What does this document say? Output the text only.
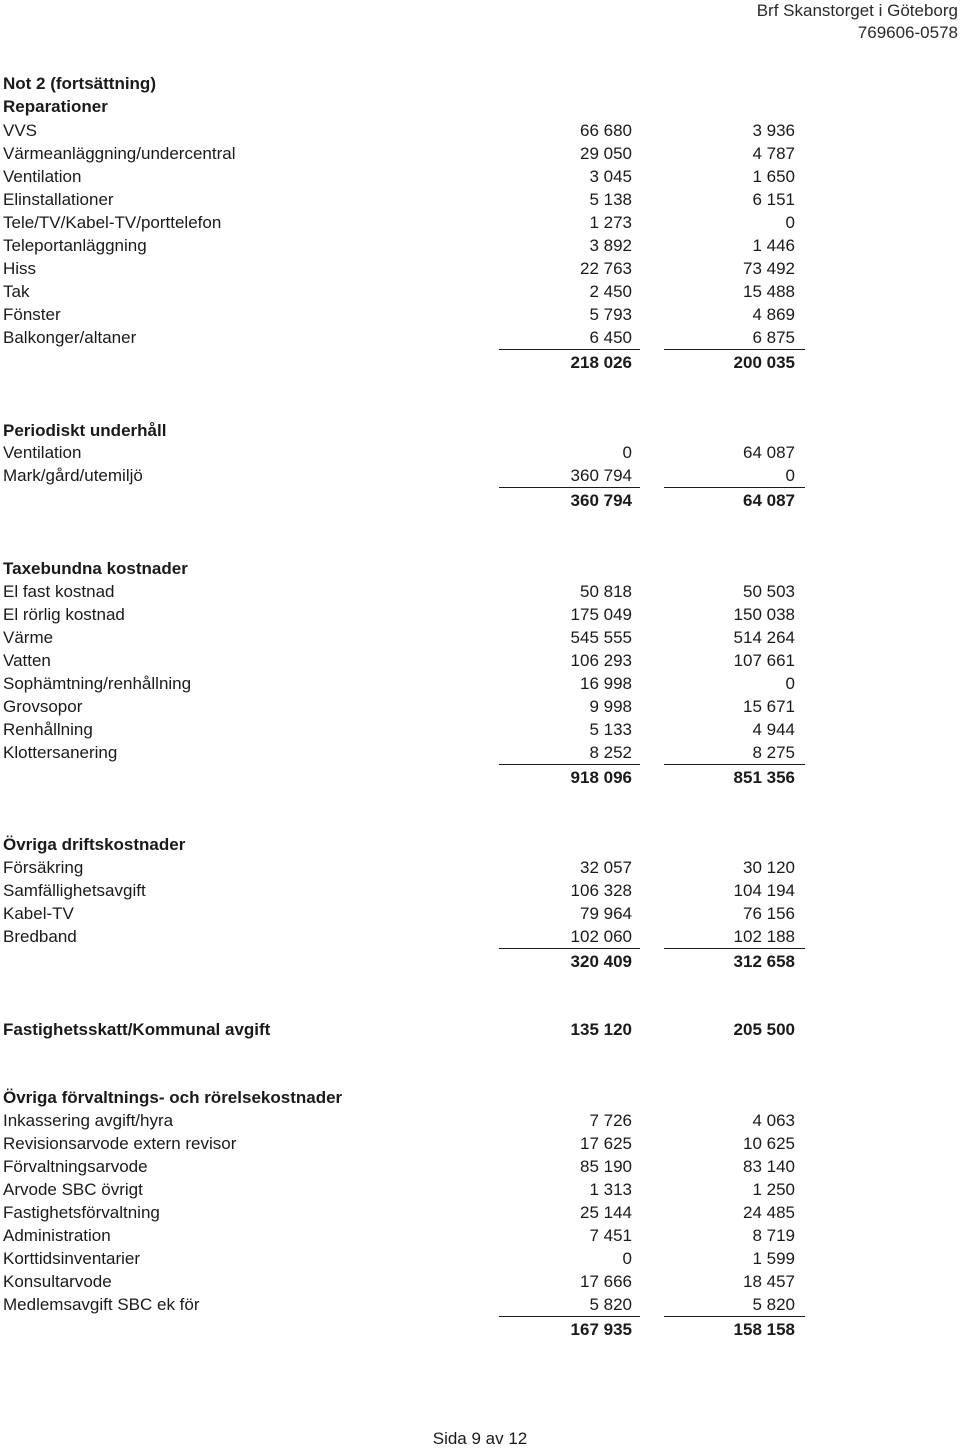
Brf Skanstorget i Göteborg
769606-0578
Not 2 (fortsättning)
Reparationer
VVS	66 680	3 936
Värmeanläggning/undercentral	29 050	4 787
Ventilation	3 045	1 650
Elinstallationer	5 138	6 151
Tele/TV/Kabel-TV/porttelefon	1 273	0
Teleportanläggning	3 892	1 446
Hiss	22 763	73 492
Tak	2 450	15 488
Fönster	5 793	4 869
Balkonger/altaner	6 450	6 875
218 026	200 035
Periodiskt underhåll
Ventilation	0	64 087
Mark/gård/utemiljö	360 794	0
360 794	64 087
Taxebundna kostnader
El fast kostnad	50 818	50 503
El rörlig kostnad	175 049	150 038
Värme	545 555	514 264
Vatten	106 293	107 661
Sophämtning/renhållning	16 998	0
Grovsopor	9 998	15 671
Renhållning	5 133	4 944
Klottersanering	8 252	8 275
918 096	851 356
Övriga driftskostnader
Försäkring	32 057	30 120
Samfällighetsavgift	106 328	104 194
Kabel-TV	79 964	76 156
Bredband	102 060	102 188
320 409	312 658
Fastighetsskatt/Kommunal avgift	135 120	205 500
Övriga förvaltnings- och rörelsekostnader
Inkassering avgift/hyra	7 726	4 063
Revisionsarvode extern revisor	17 625	10 625
Förvaltningsarvode	85 190	83 140
Arvode SBC övrigt	1 313	1 250
Fastighetsförvaltning	25 144	24 485
Administration	7 451	8 719
Korttidsinventarier	0	1 599
Konsultarvode	17 666	18 457
Medlemsavgift SBC ek för	5 820	5 820
167 935	158 158
Sida 9 av 12
